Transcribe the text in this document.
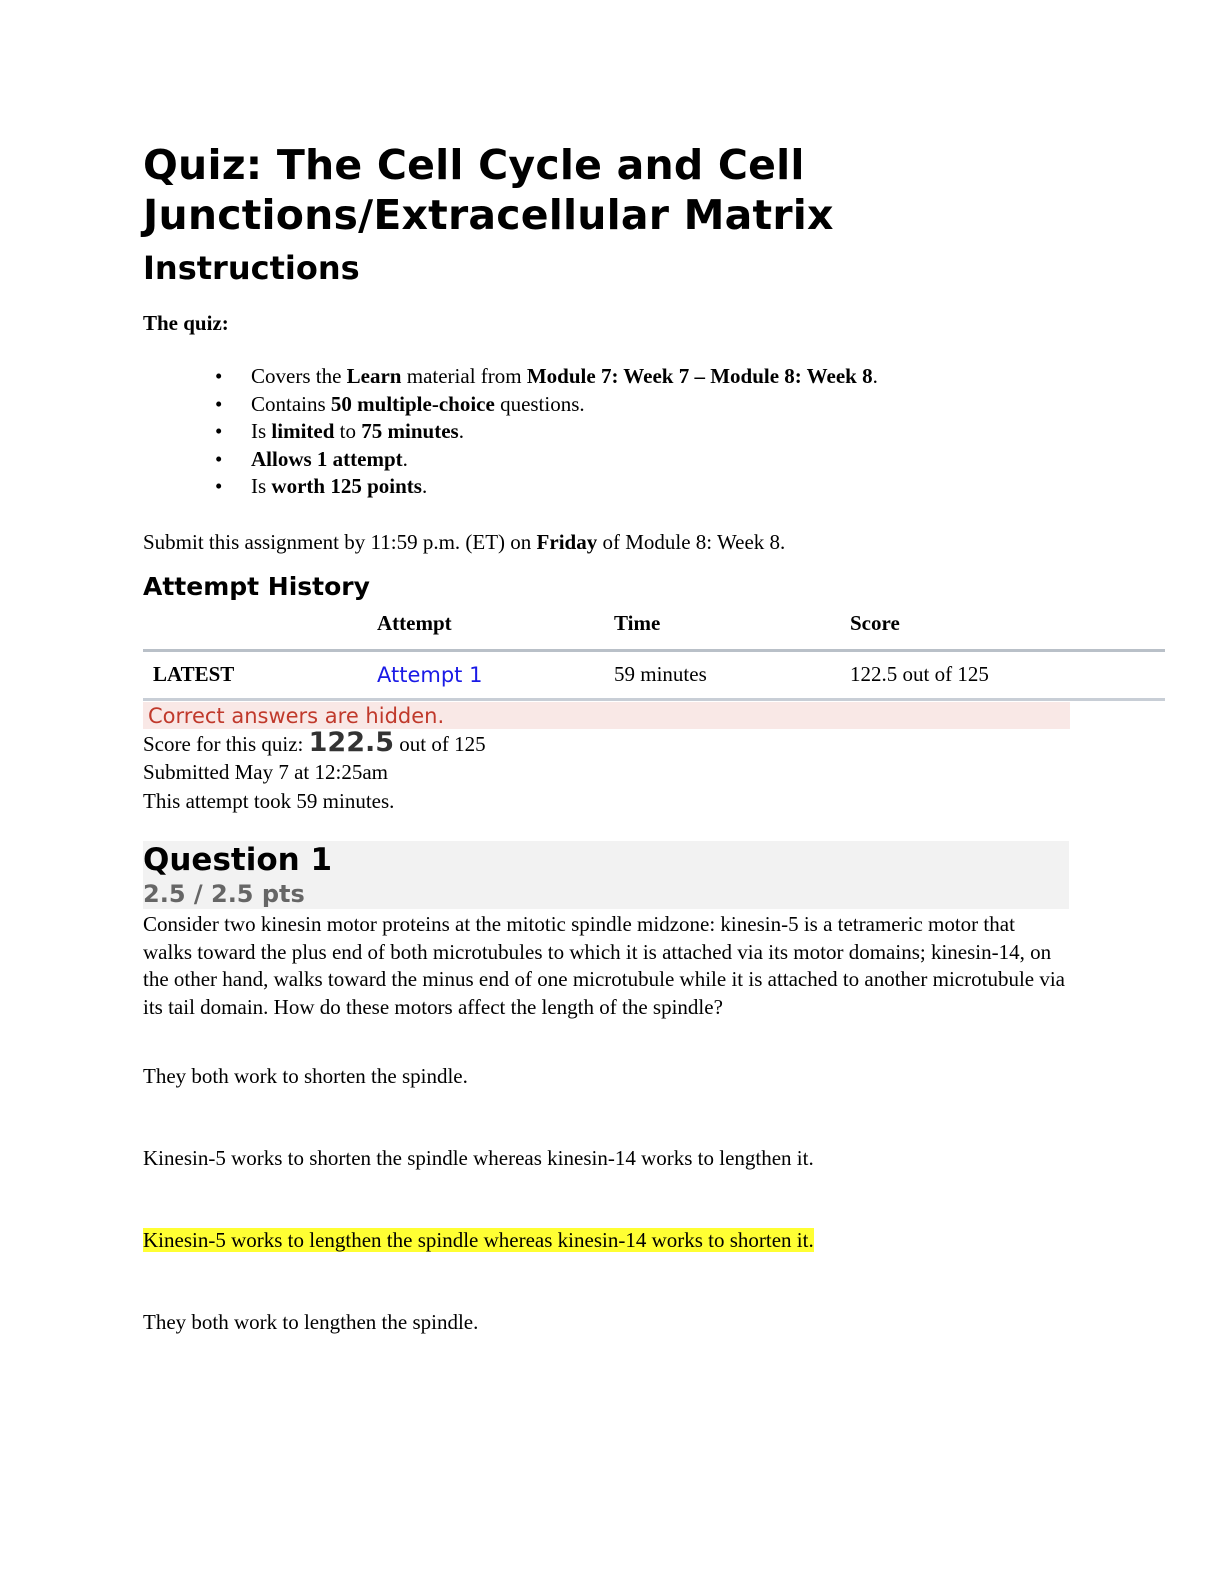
Quiz: The Cell Cycle and Cell
Junctions/Extracellular Matrix
Instructions

The quiz:

• Covers the Learn material from Module 7: Week 7 – Module 8: Week 8.
• Contains 50 multiple-choice questions.
• Is limited to 75 minutes.
• Allows 1 attempt.
• Is worth 125 points.

Submit this assignment by 11:59 p.m. (ET) on Friday of Module 8: Week 8.

Attempt History
	Attempt	Time	Score
LATEST	Attempt 1	59 minutes	122.5 out of 125
Correct answers are hidden.
Score for this quiz: 122.5 out of 125
Submitted May 7 at 12:25am
This attempt took 59 minutes.
Question 1
2.5 / 2.5 pts
Consider two kinesin motor proteins at the mitotic spindle midzone: kinesin-5 is a tetrameric motor that walks toward the plus end of both microtubules to which it is attached via its motor domains; kinesin-14, on the other hand, walks toward the minus end of one microtubule while it is attached to another microtubule via its tail domain. How do these motors affect the length of the spindle?

They both work to shorten the spindle.

Kinesin-5 works to shorten the spindle whereas kinesin-14 works to lengthen it.

Kinesin-5 works to lengthen the spindle whereas kinesin-14 works to shorten it.

They both work to lengthen the spindle.
